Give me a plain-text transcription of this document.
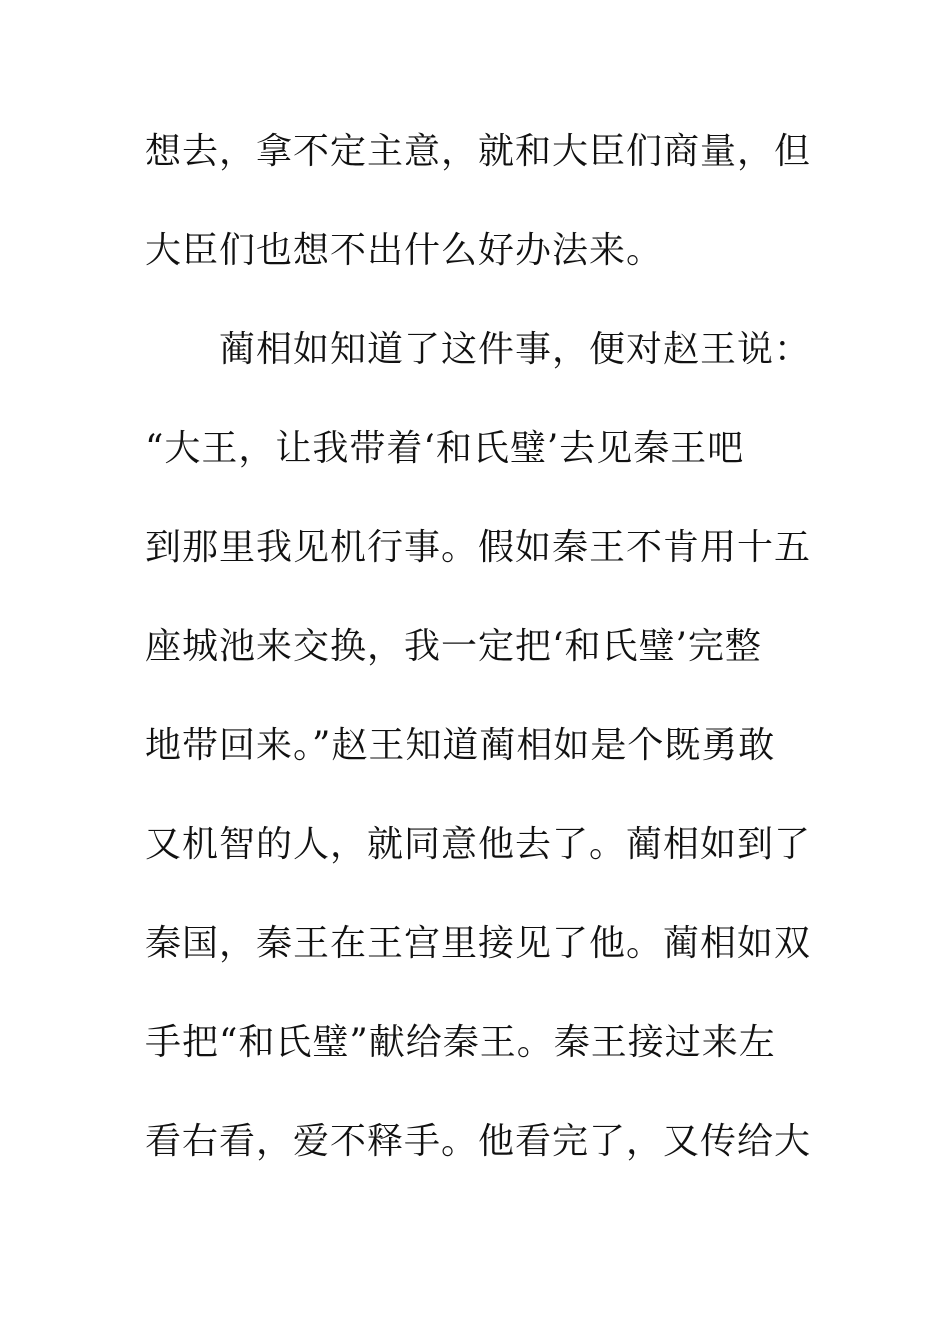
想去，拿不定主意，就和大臣们商量，但
大臣们也想不出什么好办法来。
　　蔺相如知道了这件事，便对赵王说：
“大王，让我带着‘和氏璧’去见秦王吧
到那里我见机行事。假如秦王不肯用十五
座城池来交换，我一定把‘和氏璧’完整
地带回来。”赵王知道蔺相如是个既勇敢
又机智的人，就同意他去了。蔺相如到了
秦国，秦王在王宫里接见了他。蔺相如双
手把“和氏璧”献给秦王。秦王接过来左
看右看，爱不释手。他看完了，又传给大
